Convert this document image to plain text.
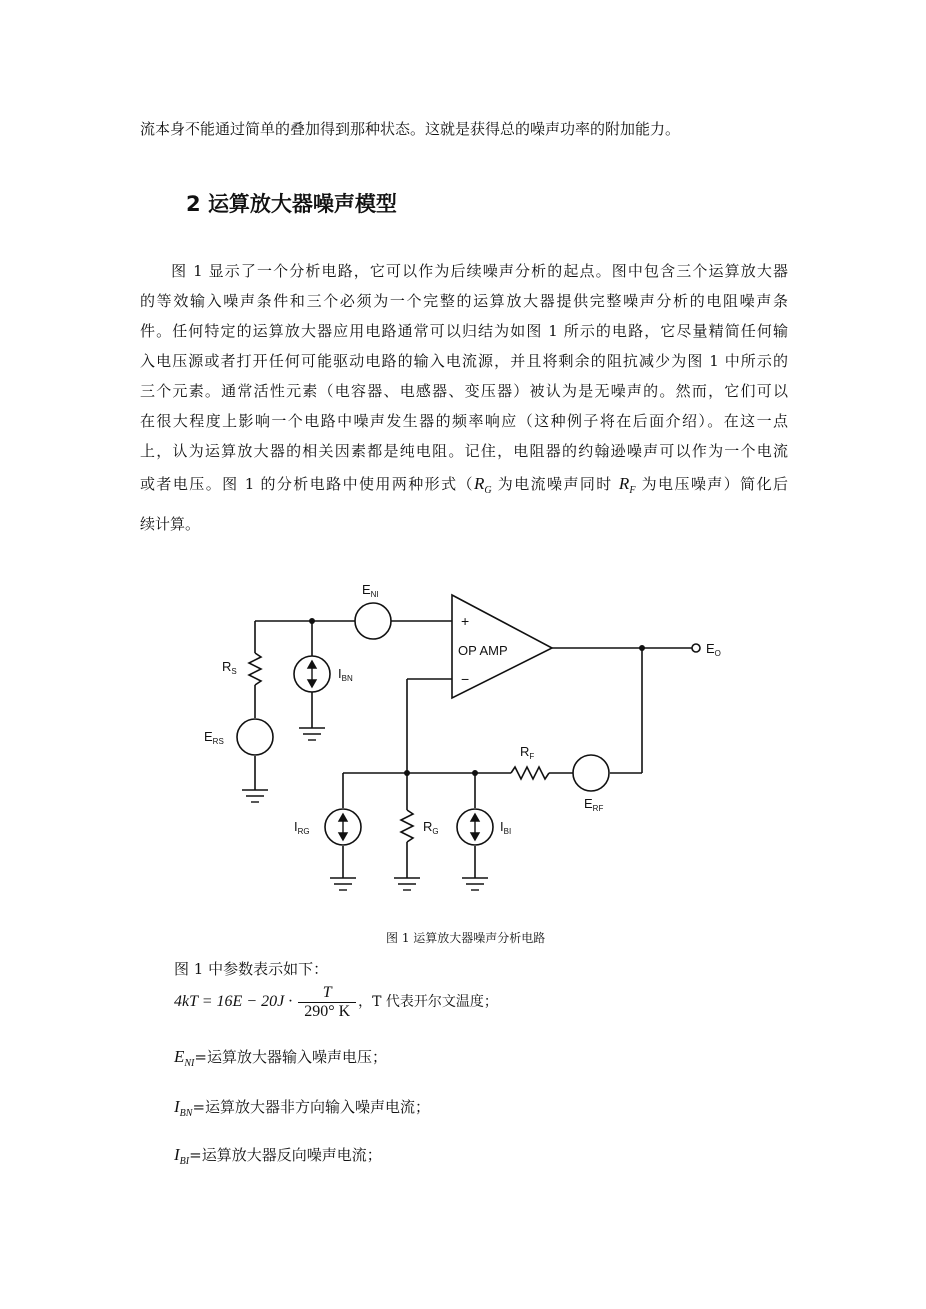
流本身不能通过简单的叠加得到那种状态。这就是获得总的噪声功率的附加能力。
2 运算放大器噪声模型
图 1 显示了一个分析电路，它可以作为后续噪声分析的起点。图中包含三个运算放大器
的等效输入噪声条件和三个必须为一个完整的运算放大器提供完整噪声分析的电阻噪声条
件。任何特定的运算放大器应用电路通常可以归结为如图 1 所示的电路，它尽量精简任何输
入电压源或者打开任何可能驱动电路的输入电流源，并且将剩余的阻抗减少为图 1 中所示的
三个元素。通常活性元素（电容器、电感器、变压器）被认为是无噪声的。然而，它们可以
在很大程度上影响一个电路中噪声发生器的频率响应（这种例子将在后面介绍）。在这一点
上，认为运算放大器的相关因素都是纯电阻。记住，电阻器的约翰逊噪声可以作为一个电流
或者电压。图 1 的分析电路中使用两种形式（$R_G$ 为电流噪声同时 $R_F$ 为电压噪声）简化后
续计算。
$E_{NI}$
+
OP AMP
−
$E_O$
$R_S$	$I_{BN}$
$E_{RS}$
$R_F$
$E_{RF}$
$I_{RG}$	$R_G$	$I_{BI}$
图 1 运算放大器噪声分析电路
图 1 中参数表示如下：
$4kT = 16E - 20J \cdot \frac{T}{290^\circ K}$ ，T 代表开尔文温度；
$E_{NI}=$运算放大器输入噪声电压；
$I_{BN}=$运算放大器非方向输入噪声电流；
$I_{BI}=$运算放大器反向噪声电流；
